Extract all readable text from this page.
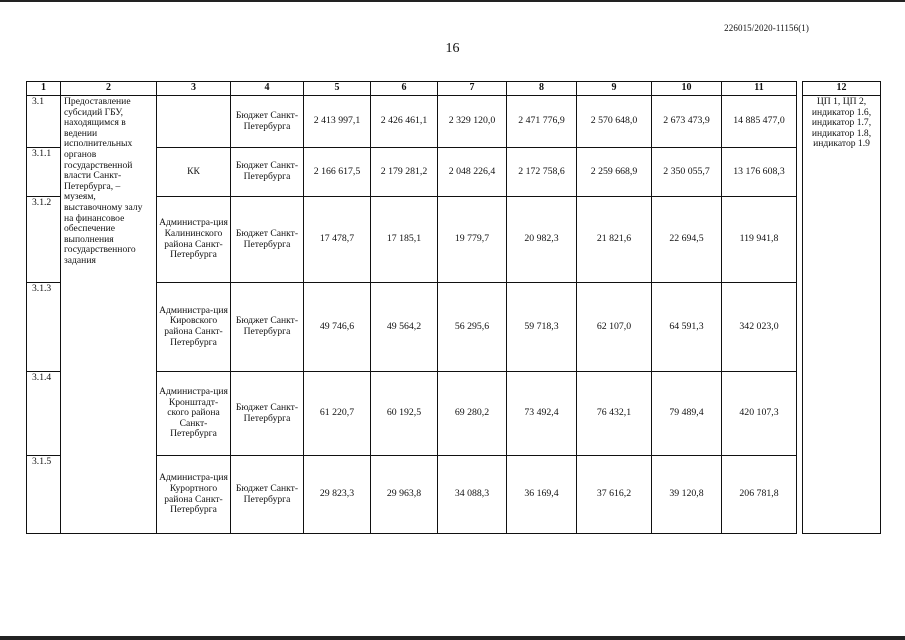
226015/2020-11156(1)
16
1	2	3	4	5	6	7	8	9	10	11		12
3.1	Предоставление субсидий ГБУ, находящимся в ведении исполнительных органов государственной власти Санкт-Петербурга, – музеям, выставочному залу на финансовое обеспечение выполнения государственного задания		Бюджет Санкт-Петербурга	2 413 997,1	2 426 461,1	2 329 120,0	2 471 776,9	2 570 648,0	2 673 473,9	14 885 477,0		ЦП 1, ЦП 2, индикатор 1.6, индикатор 1.7, индикатор 1.8, индикатор 1.9
3.1.1		КК	Бюджет Санкт-Петербурга	2 166 617,5	2 179 281,2	2 048 226,4	2 172 758,6	2 259 668,9	2 350 055,7	13 176 608,3		
3.1.2		Администра-ция Калининского района Санкт-Петербурга	Бюджет Санкт-Петербурга	17 478,7	17 185,1	19 779,7	20 982,3	21 821,6	22 694,5	119 941,8		
3.1.3		Администра-ция Кировского района Санкт-Петербурга	Бюджет Санкт-Петербурга	49 746,6	49 564,2	56 295,6	59 718,3	62 107,0	64 591,3	342 023,0		
3.1.4		Администра-ция Кронштадт-ского района Санкт-Петербурга	Бюджет Санкт-Петербурга	61 220,7	60 192,5	69 280,2	73 492,4	76 432,1	79 489,4	420 107,3		
3.1.5		Администра-ция Курортного района Санкт-Петербурга	Бюджет Санкт-Петербурга	29 823,3	29 963,8	34 088,3	36 169,4	37 616,2	39 120,8	206 781,8		
